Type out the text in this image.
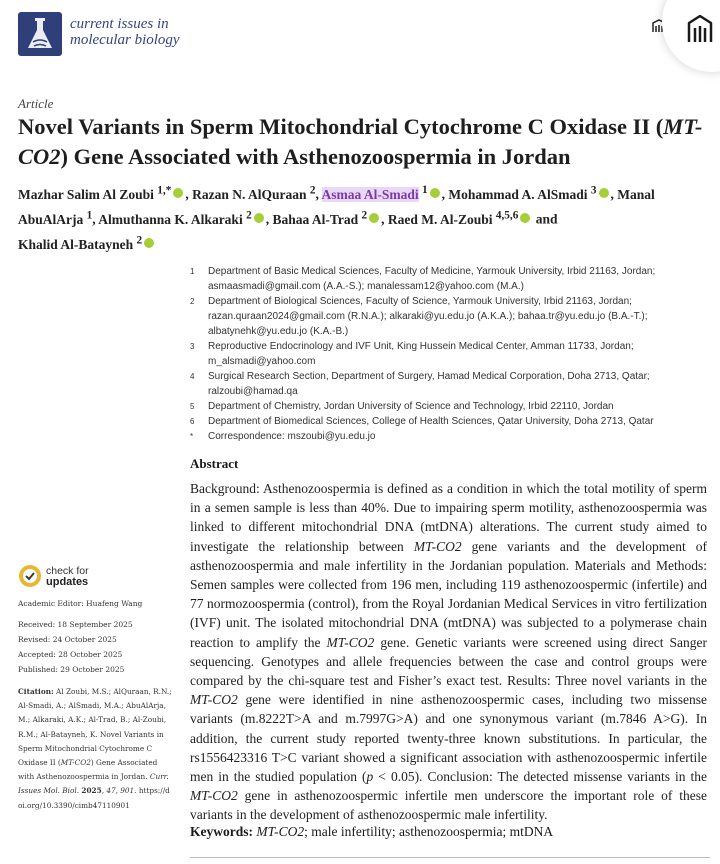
current issues in
molecular biology
Article
Novel Variants in Sperm Mitochondrial Cytochrome C Oxidase II (MT-CO2) Gene Associated with Asthenozoospermia in Jordan
Mazhar Salim Al Zoubi $^{1,*}$ , Razan N. AlQuraan $^2$, Asmaa Al-Smadi $^1$ , Mohammad A. AlSmadi $^3$ , Manal AbuAlArja $^1$, Almuthanna K. Alkaraki $^2$ , Bahaa Al-Trad $^2$ , Raed M. Al-Zoubi $^{4,5,6}$ and
Khalid Al-Batayneh $^2$
1	Department of Basic Medical Sciences, Faculty of Medicine, Yarmouk University, Irbid 21163, Jordan;
asmaasmadi@gmail.com (A.A.-S.); manalessam12@yahoo.com (M.A.)
2	Department of Biological Sciences, Faculty of Science, Yarmouk University, Irbid 21163, Jordan;
razan.quraan2024@gmail.com (R.N.A.); alkaraki@yu.edu.jo (A.K.A.); bahaa.tr@yu.edu.jo (B.A.-T.);
albatynehk@yu.edu.jo (K.A.-B.)
3	Reproductive Endocrinology and IVF Unit, King Hussein Medical Center, Amman 11733, Jordan;
m_alsmadi@yahoo.com
4	Surgical Research Section, Department of Surgery, Hamad Medical Corporation, Doha 2713, Qatar;
ralzoubi@hamad.qa
5	Department of Chemistry, Jordan University of Science and Technology, Irbid 22110, Jordan
6	Department of Biomedical Sciences, College of Health Sciences, Qatar University, Doha 2713, Qatar
*	Correspondence: mszoubi@yu.edu.jo
Abstract
Background: Asthenozoospermia is defined as a condition in which the total motility of sperm in a semen sample is less than 40%. Due to impairing sperm motility, asthenozoospermia was linked to different mitochondrial DNA (mtDNA) alterations. The current study aimed to investigate the relationship between MT-CO2 gene variants and the development of asthenozoospermia and male infertility in the Jordanian population. Materials and Methods: Semen samples were collected from 196 men, including 119 asthenozoospermic (infertile) and 77 normozoospermia (control), from the Royal Jordanian Medical Services in vitro fertilization (IVF) unit. The isolated mitochondrial DNA (mtDNA) was subjected to a polymerase chain reaction to amplify the MT-CO2 gene. Genetic variants were screened using direct Sanger sequencing. Genotypes and allele frequencies between the case and control groups were compared by the chi-square test and Fisher’s exact test. Results: Three novel variants in the MT-CO2 gene were identified in nine asthenozoospermic cases, including two missense variants (m.8222T>A and m.7997G>A) and one synonymous variant (m.7846 A>G). In addition, the current study reported twenty-three known substitutions. In particular, the rs1556423316 T>C variant showed a significant association with asthenozoospermic infertile men in the studied population (p < 0.05). Conclusion: The detected missense variants in the MT-CO2 gene in asthenozoospermic infertile men underscore the important role of these variants in the development of asthenozoospermic male infertility.
Keywords: MT-CO2; male infertility; asthenozoospermia; mtDNA
check for
updates
Academic Editor: Huafeng Wang
Received: 18 September 2025
Revised: 24 October 2025
Accepted: 28 October 2025
Published: 29 October 2025
Citation: Al Zoubi, M.S.; AlQuraan, R.N.; Al-Smadi, A.; AlSmadi, M.A.; AbuAlArja, M.; Alkaraki, A.K.; Al-Trad, B.; Al-Zoubi, R.M.; Al-Batayneh, K. Novel Variants in Sperm Mitochondrial Cytochrome C Oxidase II (MT-CO2) Gene Associated with Asthenozoospermia in Jordan. Curr. Issues Mol. Biol. 2025, 47, 901. https://doi.org/10.3390/cimb47110901
